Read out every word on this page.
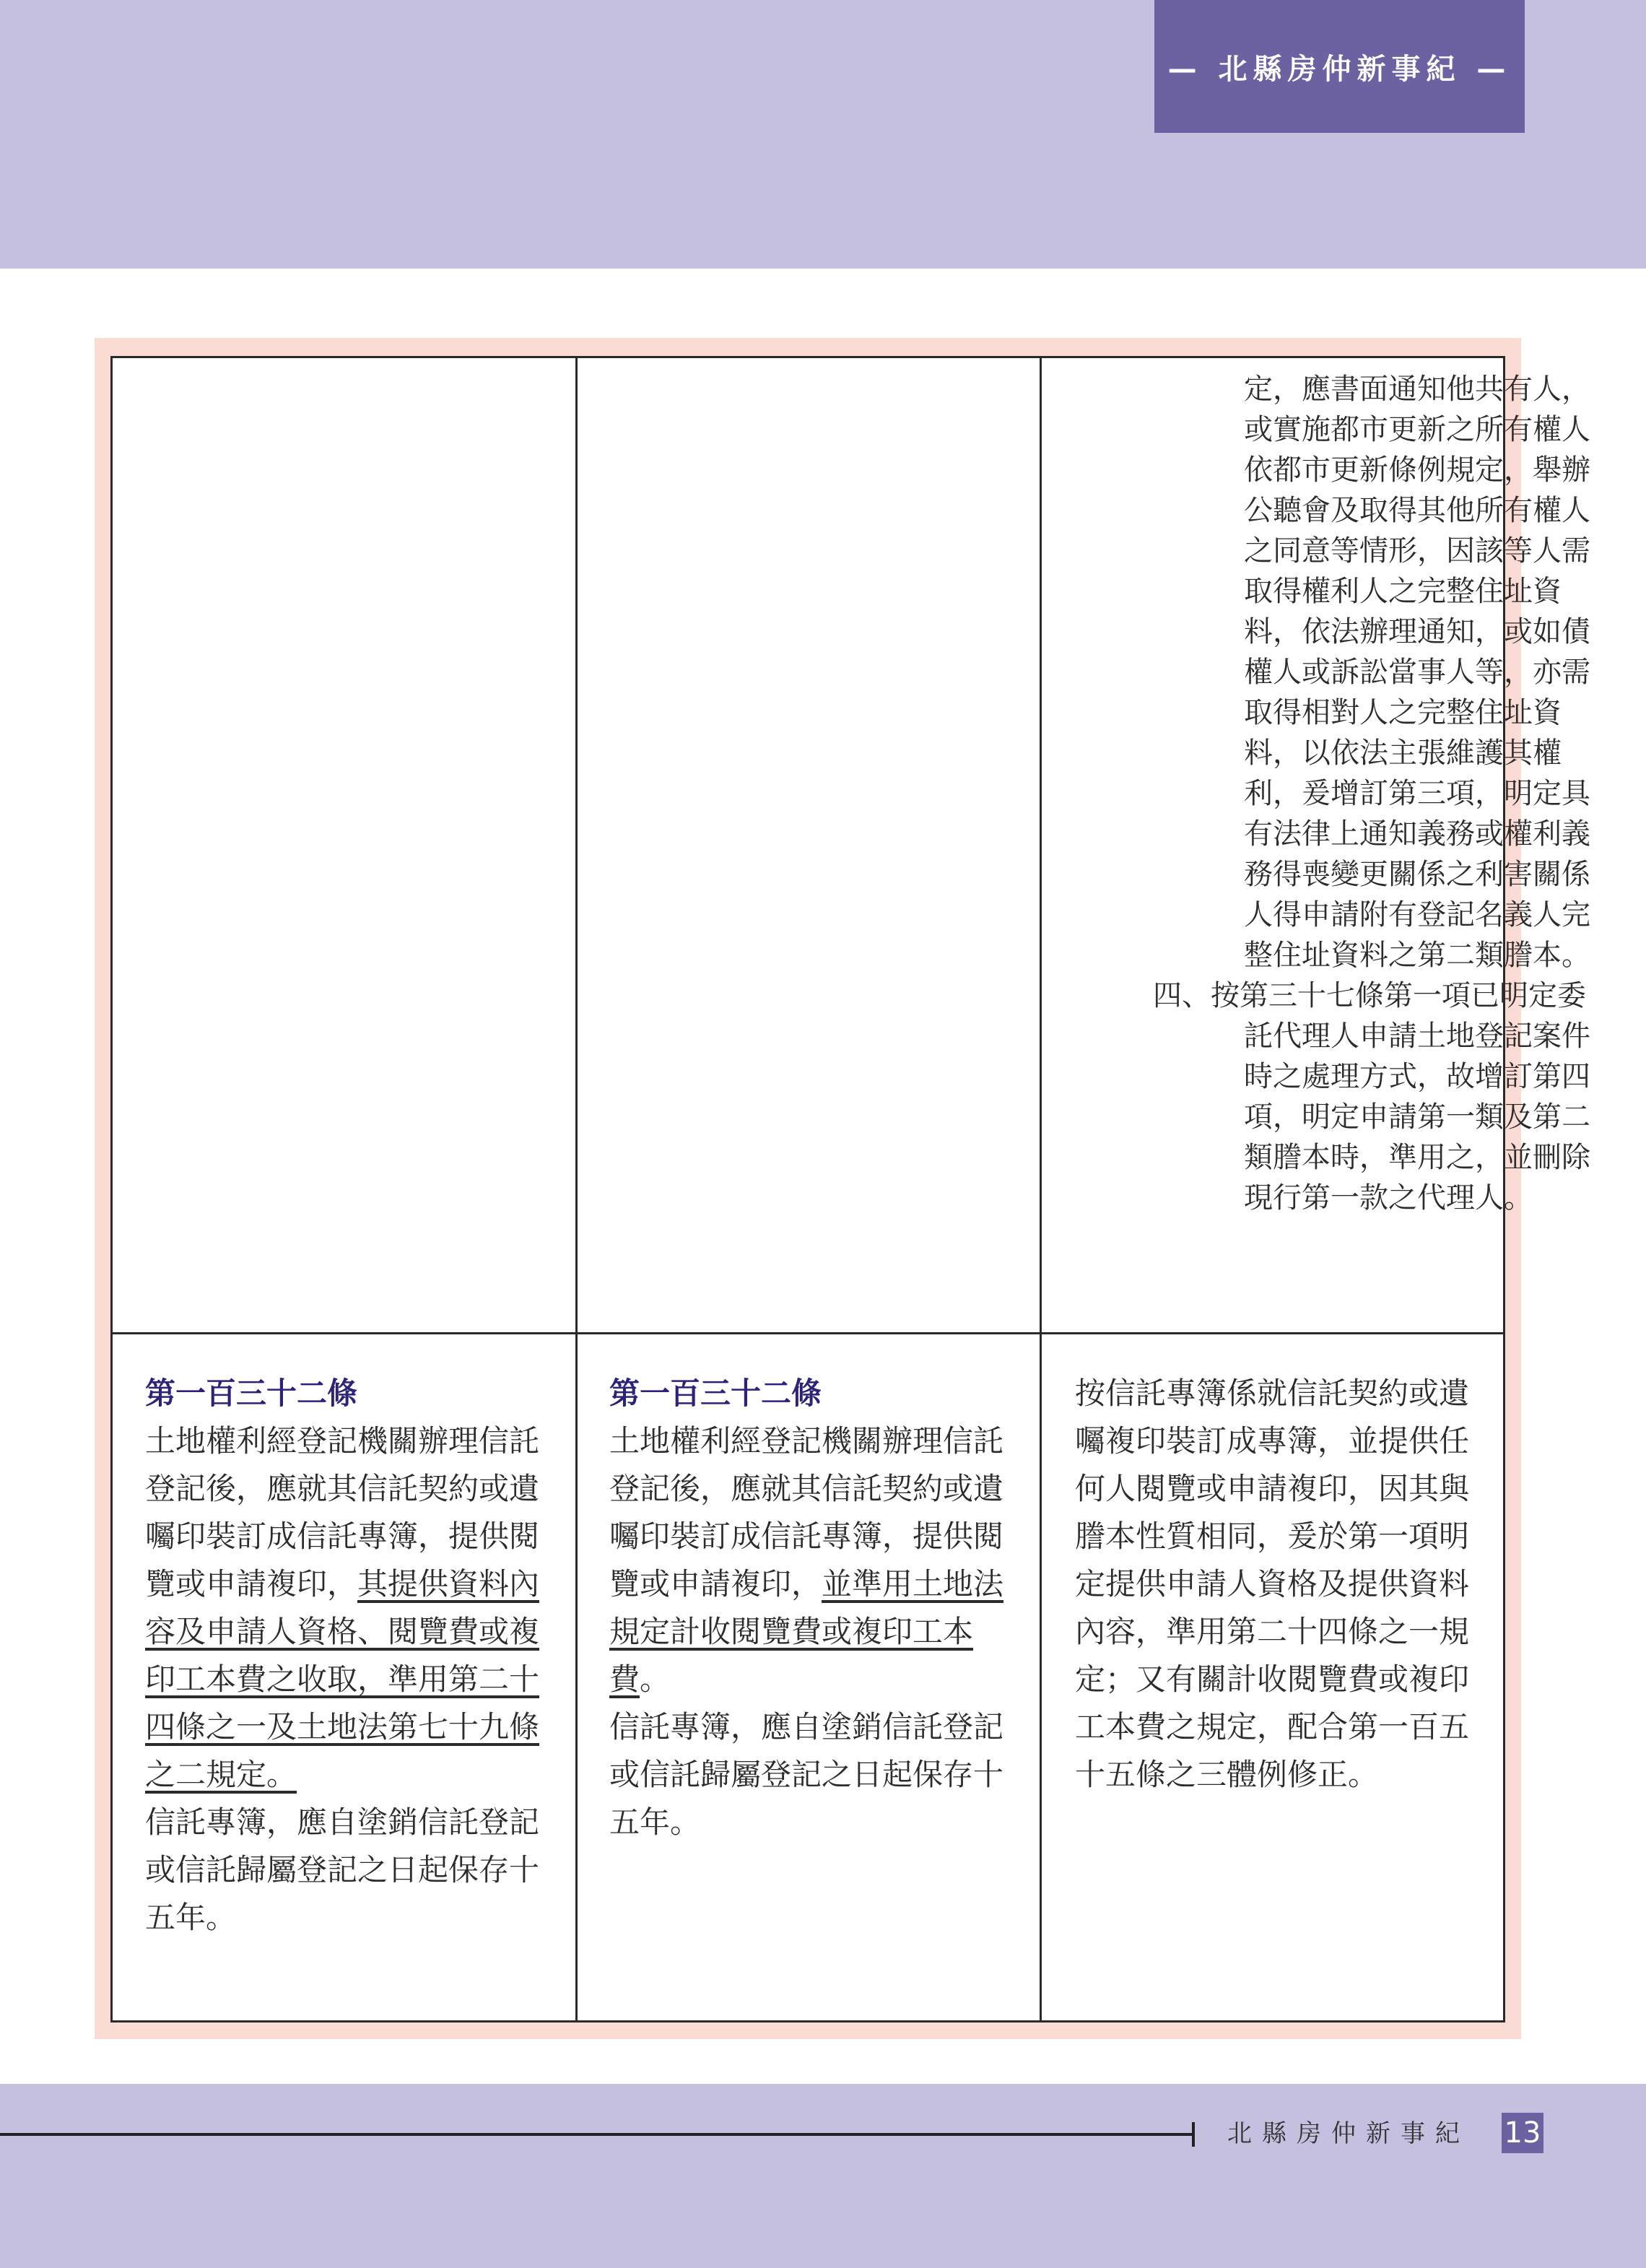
— 北縣房仲新事紀 —

定，應書面通知他共有人，或實施都市更新之所有權人依都市更新條例規定，舉辦公聽會及取得其他所有權人之同意等情形，因該等人需取得權利人之完整住址資料，依法辦理通知，或如債權人或訴訟當事人等，亦需取得相對人之完整住址資料，以依法主張維護其權利，爰增訂第三項，明定具有法律上通知義務或權利義務得喪變更關係之利害關係人得申請附有登記名義人完整住址資料之第二類謄本。

四、按第三十七條第一項已明定委託代理人申請土地登記案件時之處理方式，故增訂第四項，明定申請第一類及第二類謄本時，準用之，並刪除現行第一款之代理人。

第一百三十二條

土地權利經登記機關辦理信託登記後，應就其信託契約或遺囑印裝訂成信託專簿，提供閱覽或申請複印，其提供資料內容及申請人資格、閱覽費或複印工本費之收取，準用第二十四條之一及土地法第七十九條之二規定。

信託專簿，應自塗銷信託登記或信託歸屬登記之日起保存十五年。

第一百三十二條

土地權利經登記機關辦理信託登記後，應就其信託契約或遺囑印裝訂成信託專簿，提供閱覽或申請複印，並準用土地法規定計收閱覽費或複印工本費。

信託專簿，應自塗銷信託登記或信託歸屬登記之日起保存十五年。

按信託專簿係就信託契約或遺囑複印裝訂成專簿，並提供任何人閱覽或申請複印，因其與謄本性質相同，爰於第一項明定提供申請人資格及提供資料內容，準用第二十四條之一規定；又有關計收閱覽費或複印工本費之規定，配合第一百五十五條之三體例修正。

北縣房仲新事紀 13
